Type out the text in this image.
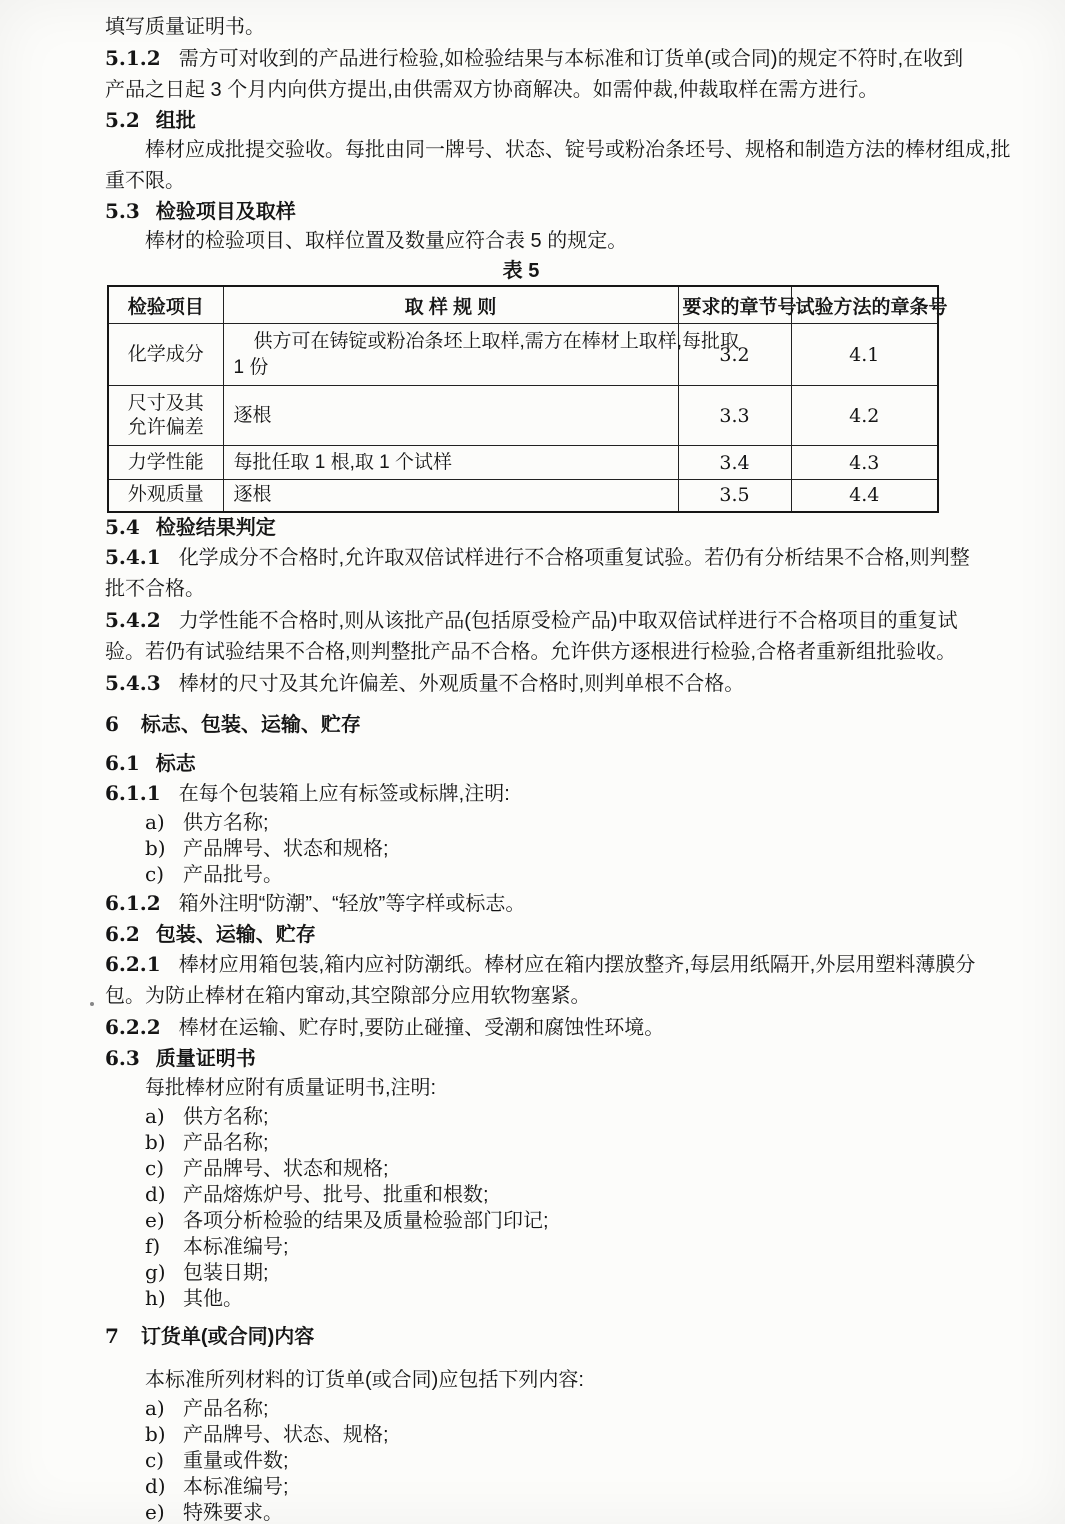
填写质量证明书。
5.1.2 需方可对收到的产品进行检验,如检验结果与本标准和订货单(或合同)的规定不符时,在收到
产品之日起 3 个月内向供方提出,由供需双方协商解决。如需仲裁,仲裁取样在需方进行。
5.2 组批
棒材应成批提交验收。每批由同一牌号、状态、锭号或粉冶条坯号、规格和制造方法的棒材组成,批
重不限。
5.3 检验项目及取样
棒材的检验项目、取样位置及数量应符合表 5 的规定。
表 5
检验项目	取 样 规 则	要求的章节号	试验方法的章条号

化学成分	供方可在铸锭或粉冶条坯上取样,需方在棒材上取样,每批取
1 份	3.2	4.1

尺寸及其
允许偏差	逐根	3.3	4.2

力学性能	每批任取 1 根,取 1 个试样	3.4	4.3

外观质量	逐根	3.5	4.4
5.4 检验结果判定
5.4.1 化学成分不合格时,允许取双倍试样进行不合格项重复试验。若仍有分析结果不合格,则判整
批不合格。
5.4.2 力学性能不合格时,则从该批产品(包括原受检产品)中取双倍试样进行不合格项目的重复试
验。若仍有试验结果不合格,则判整批产品不合格。允许供方逐根进行检验,合格者重新组批验收。
5.4.3 棒材的尺寸及其允许偏差、外观质量不合格时,则判单根不合格。
6 标志、包装、运输、贮存
6.1 标志
6.1.1 在每个包装箱上应有标签或标牌,注明:
a) 供方名称;
b) 产品牌号、状态和规格;
c) 产品批号。
6.1.2 箱外注明“防潮”、“轻放”等字样或标志。
6.2 包装、运输、贮存
6.2.1 棒材应用箱包装,箱内应衬防潮纸。棒材应在箱内摆放整齐,每层用纸隔开,外层用塑料薄膜分
包。为防止棒材在箱内窜动,其空隙部分应用软物塞紧。
6.2.2 棒材在运输、贮存时,要防止碰撞、受潮和腐蚀性环境。
6.3 质量证明书
每批棒材应附有质量证明书,注明:
a) 供方名称;
b) 产品名称;
c) 产品牌号、状态和规格;
d) 产品熔炼炉号、批号、批重和根数;
e) 各项分析检验的结果及质量检验部门印记;
f) 本标准编号;
g) 包装日期;
h) 其他。
7 订货单(或合同)内容
本标准所列材料的订货单(或合同)应包括下列内容:
a) 产品名称;
b) 产品牌号、状态、规格;
c) 重量或件数;
d) 本标准编号;
e) 特殊要求。
